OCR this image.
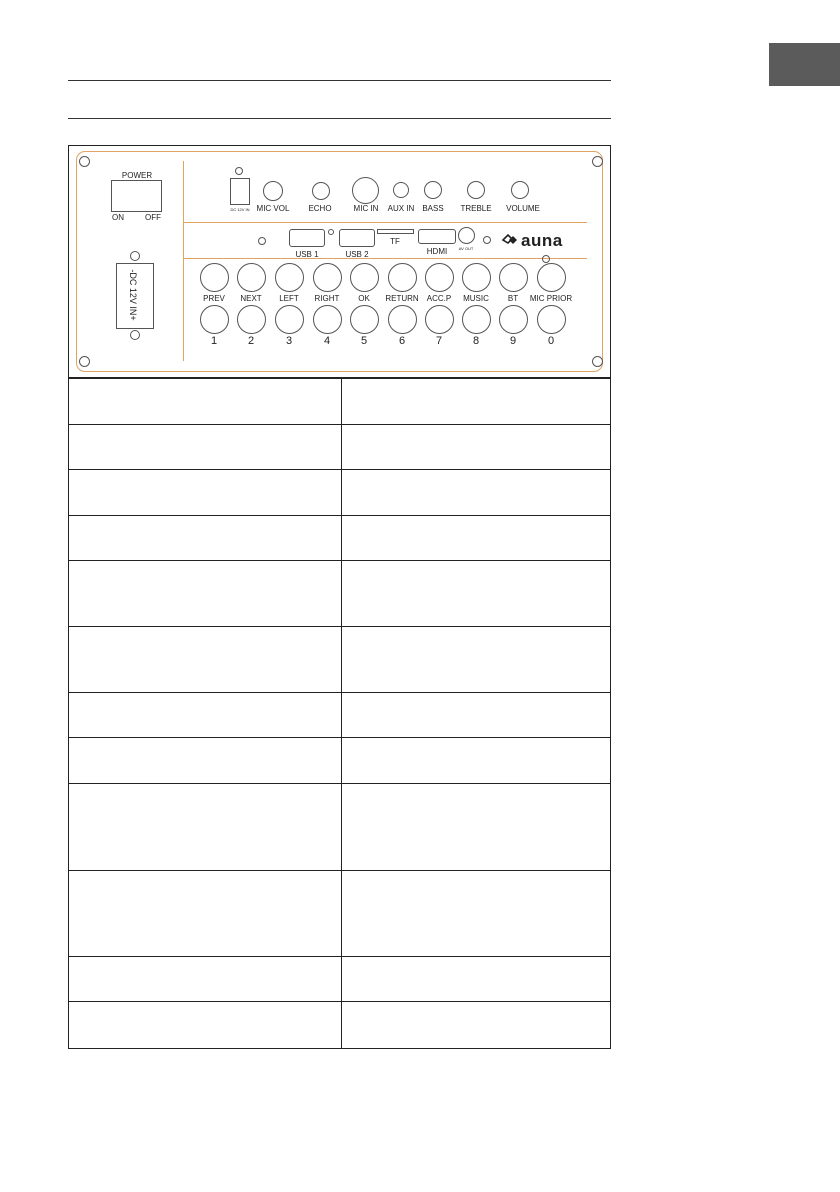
POWER
ON	OFF
-DC 12V IN+
DC 12V IN MIC VOL ECHO	MIC IN AUX IN BASS TREBLE VOLUME
USB 1	USB 2
TF
HDMI	AV OUT	auna
PREV NEXT LEFT RIGHT OK RETURN ACC.P MUSIC BT MIC PRIOR
1	2	3	4	5	6	7	8	9	0
